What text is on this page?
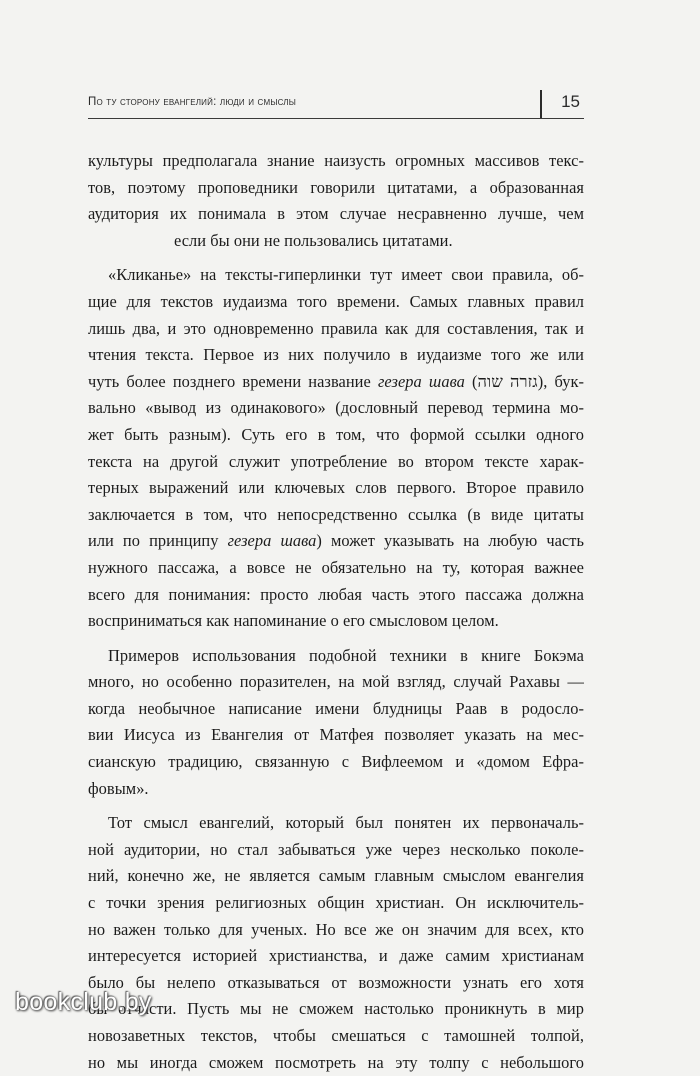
По ту сторону евангелий: люди и смыслы	15
культуры предполагала знание наизусть огромных массивов текс-
тов, поэтому проповедники говорили цитатами, а образованная
аудитория их понимала в этом случае несравненно лучше, чем
если бы они не пользовались цитатами.
«Кликанье» на тексты-гиперлинки тут имеет свои правила, об-
щие для текстов иудаизма того времени. Самых главных правил
лишь два, и это одновременно правила как для составления, так и
чтения текста. Первое из них получило в иудаизме того же или
чуть более позднего времени название гезера шава (גזרה שוה), бук-
вально «вывод из одинакового» (дословный перевод термина мо-
жет быть разным). Суть его в том, что формой ссылки одного
текста на другой служит употребление во втором тексте харак-
терных выражений или ключевых слов первого. Второе правило
заключается в том, что непосредственно ссылка (в виде цитаты
или по принципу гезера шава) может указывать на любую часть
нужного пассажа, а вовсе не обязательно на ту, которая важнее
всего для понимания: просто любая часть этого пассажа должна
восприниматься как напоминание о его смысловом целом.
Примеров использования подобной техники в книге Бокэма
много, но особенно поразителен, на мой взгляд, случай Рахавы —
когда необычное написание имени блудницы Раав в родосло-
вии Иисуса из Евангелия от Матфея позволяет указать на мес-
сианскую традицию, связанную с Вифлеемом и «домом Ефра-
фовым».
Тот смысл евангелий, который был понятен их первоначаль-
ной аудитории, но стал забываться уже через несколько поколе-
ний, конечно же, не является самым главным смыслом евангелия
с точки зрения религиозных общин христиан. Он исключитель-
но важен только для ученых. Но все же он значим для всех, кто
интересуется историей христианства, и даже самим христианам
было бы нелепо отказываться от возможности узнать его хотя
бы отчасти. Пусть мы не сможем настолько проникнуть в мир
новозаветных текстов, чтобы смешаться с тамошней толпой,
но мы иногда сможем посмотреть на эту толпу с небольшого
bookclub.by
